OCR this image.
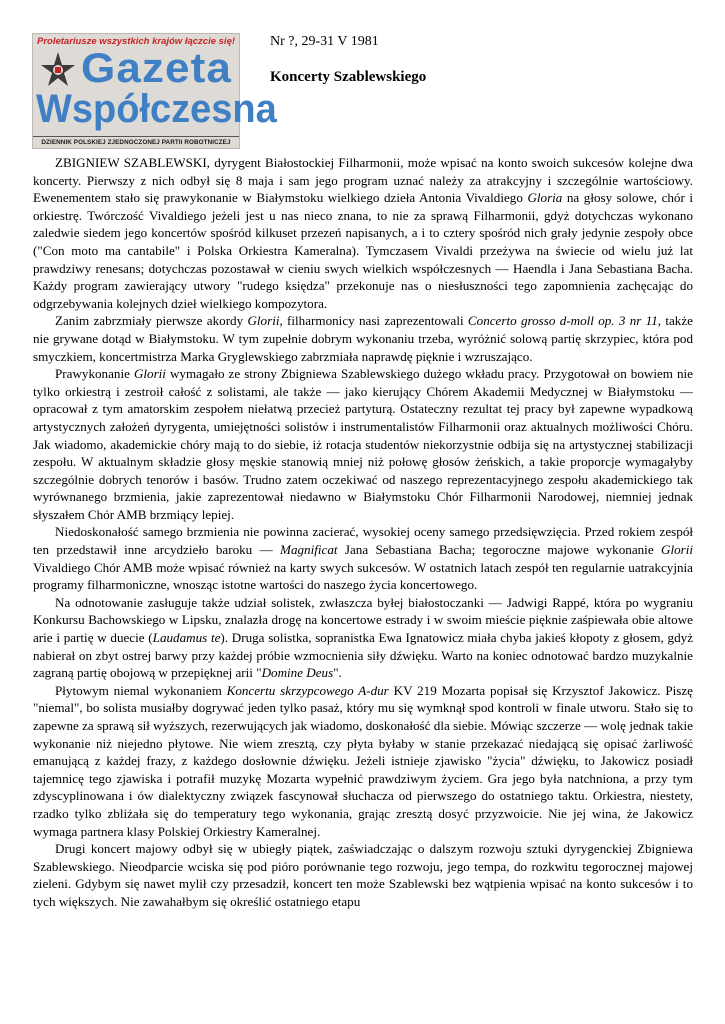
Proletariusze wszystkich krajów łączcie się!
Gazeta
Współczesna
DZIENNIK POLSKIEJ ZJEDNOCZONEJ PARTII ROBOTNICZEJ
Nr ?, 29-31 V 1981
Koncerty Szablewskiego

ZBIGNIEW SZABLEWSKI, dyrygent Białostockiej Filharmonii, może wpisać na konto swoich sukcesów kolejne dwa koncerty. Pierwszy z nich odbył się 8 maja i sam jego program uznać należy za atrakcyjny i szczególnie wartościowy. Ewenementem stało się prawykonanie w Białymstoku wielkiego dzieła Antonia Vivaldiego Gloria na głosy solowe, chór i orkiestrę. Twórczość Vivaldiego jeżeli jest u nas nieco znana, to nie za sprawą Filharmonii, gdyż dotychczas wykonano zaledwie siedem jego koncertów spośród kilkuset przezeń napisanych, a i to cztery spośród nich grały jedynie zespoły obce ("Con moto ma cantabile" i Polska Orkiestra Kameralna). Tymczasem Vivaldi przeżywa na świecie od wielu już lat prawdziwy renesans; dotychczas pozostawał w cieniu swych wielkich współczesnych — Haendla i Jana Sebastiana Bacha. Każdy program zawierający utwory "rudego księdza" przekonuje nas o niesłuszności tego zapomnienia zachęcając do odgrzebywania kolejnych dzieł wielkiego kompozytora.

Zanim zabrzmiały pierwsze akordy Glorii, filharmonicy nasi zaprezentowali Concerto grosso d-moll op. 3 nr 11, także nie grywane dotąd w Białymstoku. W tym zupełnie dobrym wykonaniu trzeba, wyróżnić solową partię skrzypiec, która pod smyczkiem, koncertmistrza Marka Gryglewskiego zabrzmiała naprawdę pięknie i wzruszająco.

Prawykonanie Glorii wymagało ze strony Zbigniewa Szablewskiego dużego wkładu pracy. Przygotował on bowiem nie tylko orkiestrą i zestroił całość z solistami, ale także — jako kierujący Chórem Akademii Medycznej w Białymstoku — opracował z tym amatorskim zespołem niełatwą przecież partyturą. Ostateczny rezultat tej pracy był zapewne wypadkową artystycznych założeń dyrygenta, umiejętności solistów i instrumentalistów Filharmonii oraz aktualnych możliwości Chóru. Jak wiadomo, akademickie chóry mają to do siebie, iż rotacja studentów niekorzystnie odbija się na artystycznej stabilizacji zespołu. W aktualnym składzie głosy męskie stanowią mniej niż połowę głosów żeńskich, a takie proporcje wymagałyby szczególnie dobrych tenorów i basów. Trudno zatem oczekiwać od naszego reprezentacyjnego zespołu akademickiego tak wyrównanego brzmienia, jakie zaprezentował niedawno w Białymstoku Chór Filharmonii Narodowej, niemniej jednak słyszałem Chór AMB brzmiący lepiej.

Niedoskonałość samego brzmienia nie powinna zacierać, wysokiej oceny samego przedsięwzięcia. Przed rokiem zespół ten przedstawił inne arcydzieło baroku — Magnificat Jana Sebastiana Bacha; tegoroczne majowe wykonanie Glorii Vivaldiego Chór AMB może wpisać również na karty swych sukcesów. W ostatnich latach zespół ten regularnie uatrakcyjnia programy filharmoniczne, wnosząc istotne wartości do naszego życia koncertowego.

Na odnotowanie zasługuje także udział solistek, zwłaszcza byłej białostoczanki — Jadwigi Rappé, która po wygraniu Konkursu Bachowskiego w Lipsku, znalazła drogę na koncertowe estrady i w swoim mieście pięknie zaśpiewała obie altowe arie i partię w duecie (Laudamus te). Druga solistka, sopranistka Ewa Ignatowicz miała chyba jakieś kłopoty z głosem, gdyż nabierał on zbyt ostrej barwy przy każdej próbie wzmocnienia siły dźwięku. Warto na koniec odnotować bardzo muzykalnie zagraną partię obojową w przepięknej arii "Domine Deus".

Płytowym niemal wykonaniem Koncertu skrzypcowego A-dur KV 219 Mozarta popisał się Krzysztof Jakowicz. Piszę "niemal", bo solista musiałby dogrywać jeden tylko pasaż, który mu się wymknął spod kontroli w finale utworu. Stało się to zapewne za sprawą sił wyższych, rezerwujących jak wiadomo, doskonałość dla siebie. Mówiąc szczerze — wolę jednak takie wykonanie niż niejedno płytowe. Nie wiem zresztą, czy płyta byłaby w stanie przekazać niedającą się opisać żarliwość emanującą z każdej frazy, z każdego dosłownie dźwięku. Jeżeli istnieje zjawisko "życia" dźwięku, to Jakowicz posiadł tajemnicę tego zjawiska i potrafił muzykę Mozarta wypełnić prawdziwym życiem. Gra jego była natchniona, a przy tym zdyscyplinowana i ów dialektyczny związek fascynował słuchacza od pierwszego do ostatniego taktu. Orkiestra, niestety, rzadko tylko zbliżała się do temperatury tego wykonania, grając zresztą dosyć przyzwoicie. Nie jej wina, że Jakowicz wymaga partnera klasy Polskiej Orkiestry Kameralnej.

Drugi koncert majowy odbył się w ubiegły piątek, zaświadczając o dalszym rozwoju sztuki dyrygenckiej Zbigniewa Szablewskiego. Nieodparcie wciska się pod pióro porównanie tego rozwoju, jego tempa, do rozkwitu tegorocznej majowej zieleni. Gdybym się nawet mylił czy przesadził, koncert ten może Szablewski bez wątpienia wpisać na konto sukcesów i to tych większych. Nie zawahałbym się określić ostatniego etapu
